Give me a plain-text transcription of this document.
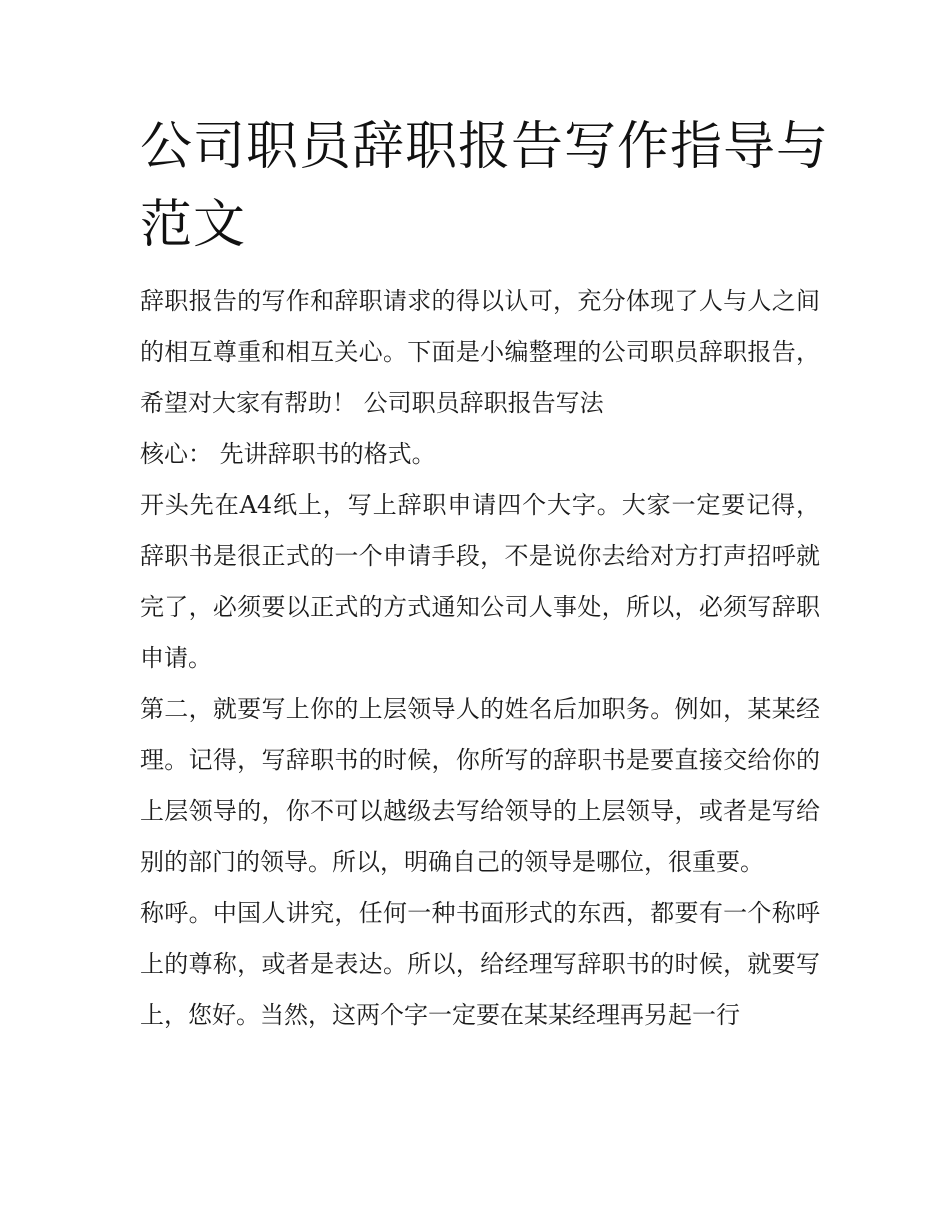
公司职员辞职报告写作指导与范文

辞职报告的写作和辞职请求的得以认可，充分体现了人与人之间的相互尊重和相互关心。下面是小编整理的公司职员辞职报告，希望对大家有帮助！ 公司职员辞职报告写法

核心： 先讲辞职书的格式。

开头先在A4纸上，写上辞职申请四个大字。大家一定要记得，辞职书是很正式的一个申请手段，不是说你去给对方打声招呼就完了，必须要以正式的方式通知公司人事处，所以，必须写辞职申请。

第二，就要写上你的上层领导人的姓名后加职务。例如，某某经理。记得，写辞职书的时候，你所写的辞职书是要直接交给你的上层领导的，你不可以越级去写给领导的上层领导，或者是写给别的部门的领导。所以，明确自己的领导是哪位，很重要。

称呼。中国人讲究，任何一种书面形式的东西，都要有一个称呼上的尊称，或者是表达。所以，给经理写辞职书的时候，就要写上，您好。当然，这两个字一定要在某某经理再另起一行
